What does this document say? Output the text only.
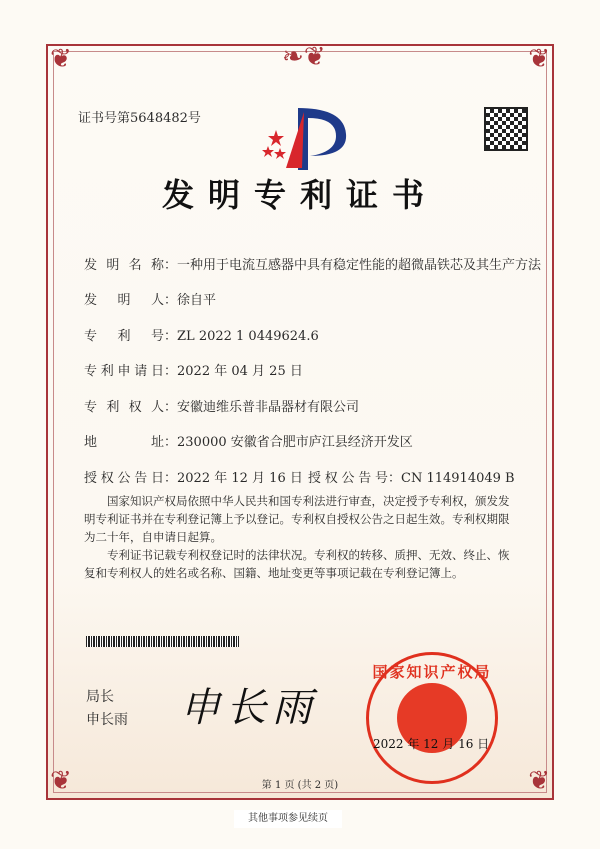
❦	❦
❦	❦
❧❦
证书号第5648482号
发明专利证书
发明名称：一种用于电流互感器中具有稳定性能的超微晶铁芯及其生产方法
发明人：徐自平
专利号：ZL 2022 1 0449624.6
专利申请日：2022 年 04 月 25 日
专利权人：安徽迪维乐普非晶器材有限公司
地址：230000 安徽省合肥市庐江县经济开发区
授权公告日：2022 年 12 月 16 日 授权公告号：CN 114914049 B
国家知识产权局依照中华人民共和国专利法进行审查，决定授予专利权，颁发发明专利证书并在专利登记簿上予以登记。专利权自授权公告之日起生效。专利权期限为二十年，自申请日起算。
专利证书记载专利权登记时的法律状况。专利权的转移、质押、无效、终止、恢复和专利权人的姓名或名称、国籍、地址变更等事项记载在专利登记簿上。
局长
申长雨 申长雨
国家知识产权局
2022 年 12 月 16 日
第 1 页 (共 2 页)
其他事项参见续页
